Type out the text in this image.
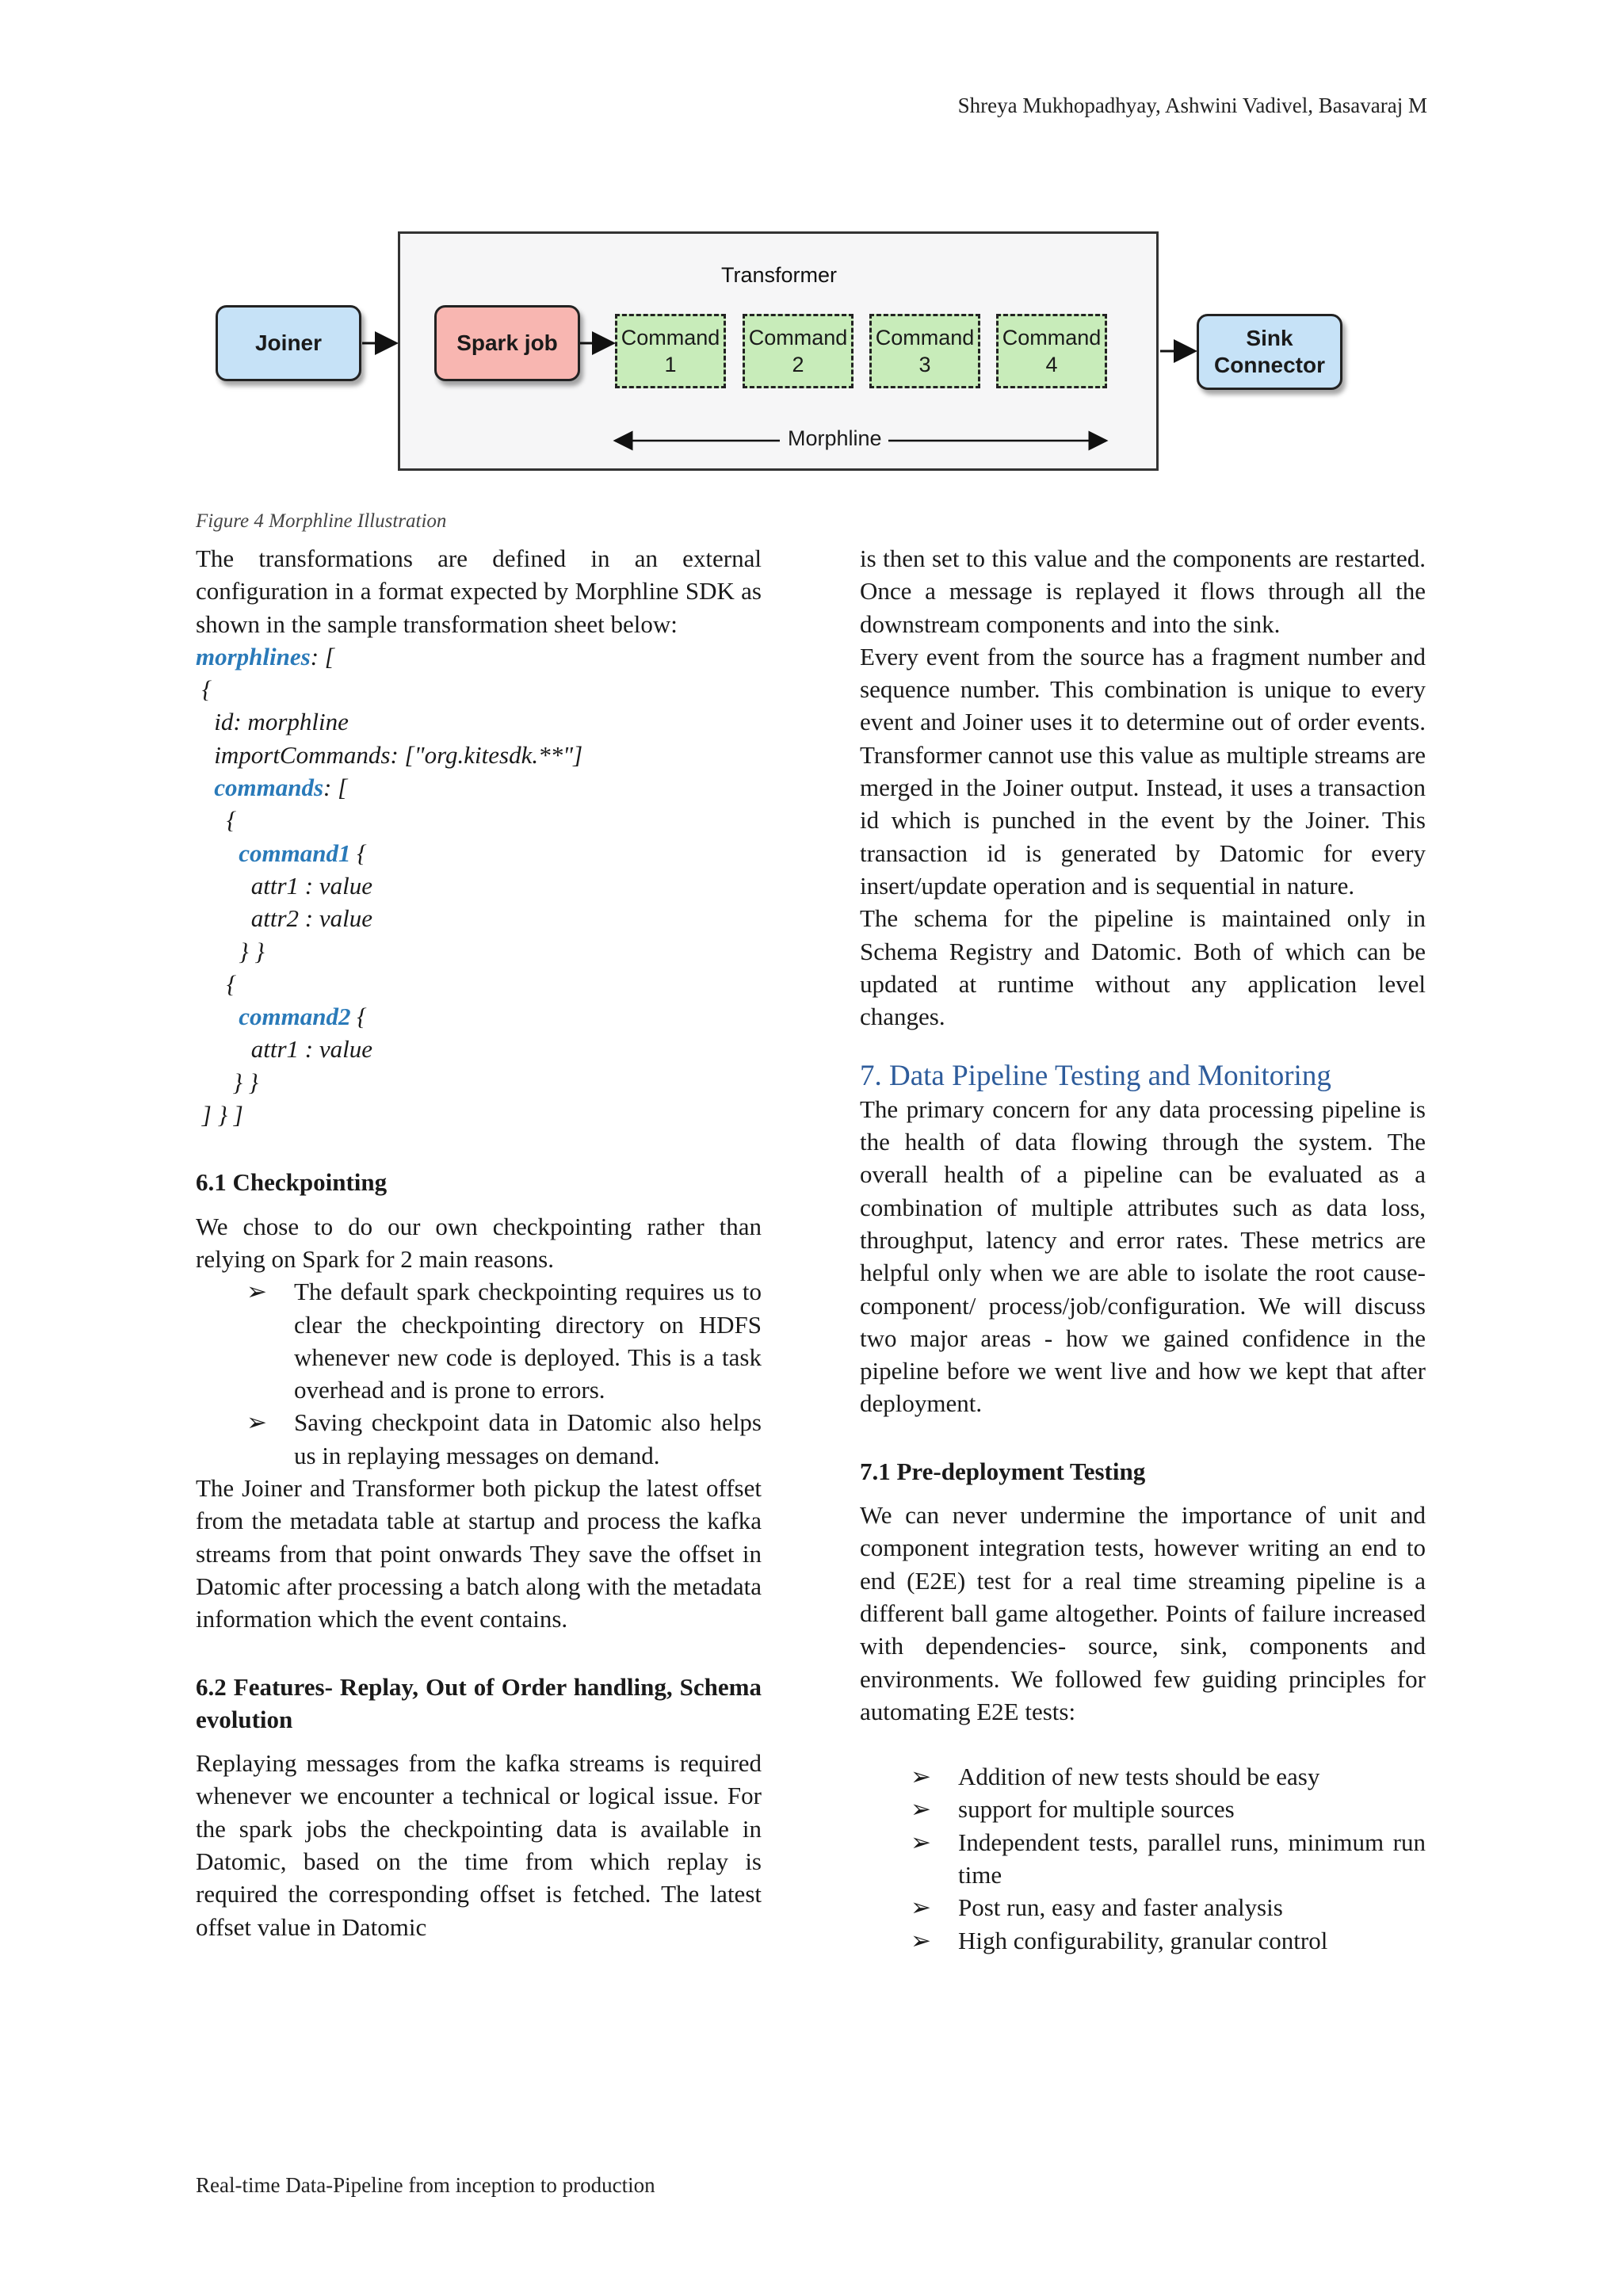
Shreya Mukhopadhyay, Ashwini Vadivel, Basavaraj M
Transformer
Joiner	Spark job	Command
1
Command
2
Command
3
Command
4
Sink
Connector
Morphline
Figure 4 Morphline Illustration

The transformations are defined in an external configuration in a format expected by Morphline SDK as shown in the sample transformation sheet below:

morphlines: [

{

id: morphline

importCommands: ["org.kitesdk.**"]

commands: [

{

command1 {

attr1 : value

attr2 : value

} }

{

command2 {

attr1 : value

} }

] } ]

6.1 Checkpointing

We chose to do our own checkpointing rather than relying on Spark for 2 main reasons.

➢ The default spark checkpointing requires us to clear the checkpointing directory on HDFS whenever new code is deployed. This is a task overhead and is prone to errors.
➢ Saving checkpoint data in Datomic also helps us in replaying messages on demand.

The Joiner and Transformer both pickup the latest offset from the metadata table at startup and process the kafka streams from that point onwards They save the offset in Datomic after processing a batch along with the metadata information which the event contains.

6.2 Features- Replay, Out of Order handling, Schema evolution

Replaying messages from the kafka streams is required whenever we encounter a technical or logical issue. For the spark jobs the checkpointing data is available in Datomic, based on the time from which replay is required the corresponding offset is fetched. The latest offset value in Datomic

is then set to this value and the components are restarted. Once a message is replayed it flows through all the downstream components and into the sink.

Every event from the source has a fragment number and sequence number. This combination is unique to every event and Joiner uses it to determine out of order events. Transformer cannot use this value as multiple streams are merged in the Joiner output. Instead, it uses a transaction id which is punched in the event by the Joiner. This transaction id is generated by Datomic for every insert/update operation and is sequential in nature.

The schema for the pipeline is maintained only in Schema Registry and Datomic. Both of which can be updated at runtime without any application level changes.

7. Data Pipeline Testing and Monitoring

The primary concern for any data processing pipeline is the health of data flowing through the system. The overall health of a pipeline can be evaluated as a combination of multiple attributes such as data loss, throughput, latency and error rates. These metrics are helpful only when we are able to isolate the root cause- component/ process/job/configuration. We will discuss two major areas - how we gained confidence in the pipeline before we went live and how we kept that after deployment.

7.1 Pre-deployment Testing

We can never undermine the importance of unit and component integration tests, however writing an end to end (E2E) test for a real time streaming pipeline is a different ball game altogether. Points of failure increased with dependencies- source, sink, components and environments. We followed few guiding principles for automating E2E tests:

➢ Addition of new tests should be easy
➢ support for multiple sources
➢ Independent tests, parallel runs, minimum run time
➢ Post run, easy and faster analysis
➢ High configurability, granular control
Real-time Data-Pipeline from inception to production
